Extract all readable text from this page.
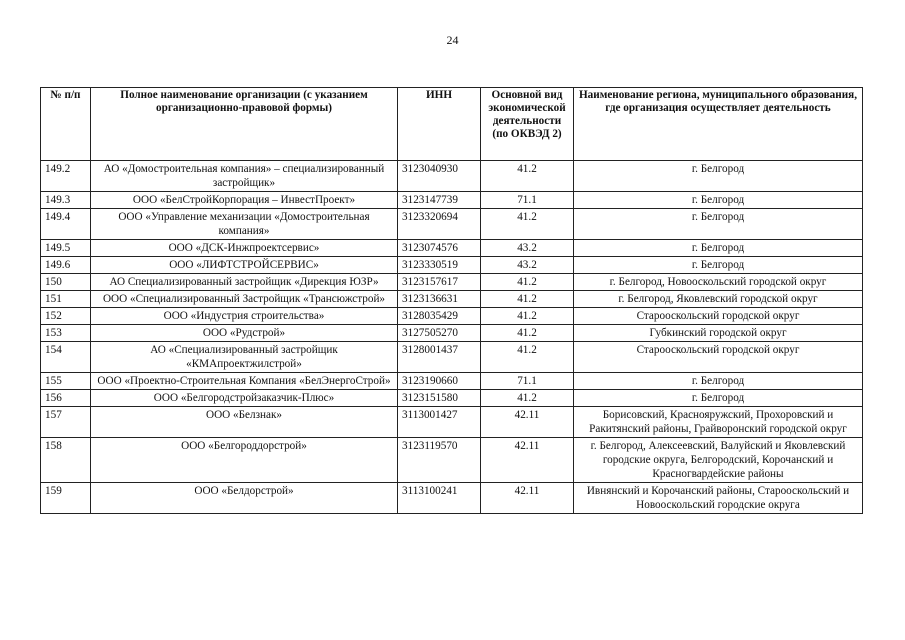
24
№ п/п	Полное наименование организации (с указанием организационно-правовой формы)	ИНН	Основной вид экономической деятельности (по ОКВЭД 2)	Наименование региона, муниципального образования, где организация осуществляет деятельность
149.2	АО «Домостроительная компания» – специализированный застройщик»	3123040930	41.2	г. Белгород
149.3	ООО «БелСтройКорпорация – ИнвестПроект»	3123147739	71.1	г. Белгород
149.4	ООО «Управление механизации «Домостроительная компания»	3123320694	41.2	г. Белгород
149.5	ООО «ДСК-Инжпроектсервис»	3123074576	43.2	г. Белгород
149.6	ООО «ЛИФТСТРОЙСЕРВИС»	3123330519	43.2	г. Белгород
150	АО Специализированный застройщик «Дирекция ЮЗР»	3123157617	41.2	г. Белгород, Новооскольский городской округ
151	ООО «Специализированный Застройщик «Трансюжстрой»	3123136631	41.2	г. Белгород, Яковлевский городской округ
152	ООО «Индустрия строительства»	3128035429	41.2	Старооскольский городской округ
153	ООО «Рудстрой»	3127505270	41.2	Губкинский городской округ
154	АО «Специализированный застройщик «КМАпроектжилстрой»	3128001437	41.2	Старооскольский городской округ
155	ООО «Проектно-Строительная Компания «БелЭнергоСтрой»	3123190660	71.1	г. Белгород
156	ООО «Белгородстройзаказчик-Плюс»	3123151580	41.2	г. Белгород
157	ООО «Белзнак»	3113001427	42.11	Борисовский, Краснояружский, Прохоровский и Ракитянский районы, Грайворонский городской округ
158	ООО «Белгороддорстрой»	3123119570	42.11	г. Белгород, Алексеевский, Валуйский и Яковлевский городские округа, Белгородский, Корочанский и Красногвардейские районы
159	ООО «Белдорстрой»	3113100241	42.11	Ивнянский и Корочанский районы, Старооскольский и Новооскольский городские округа
